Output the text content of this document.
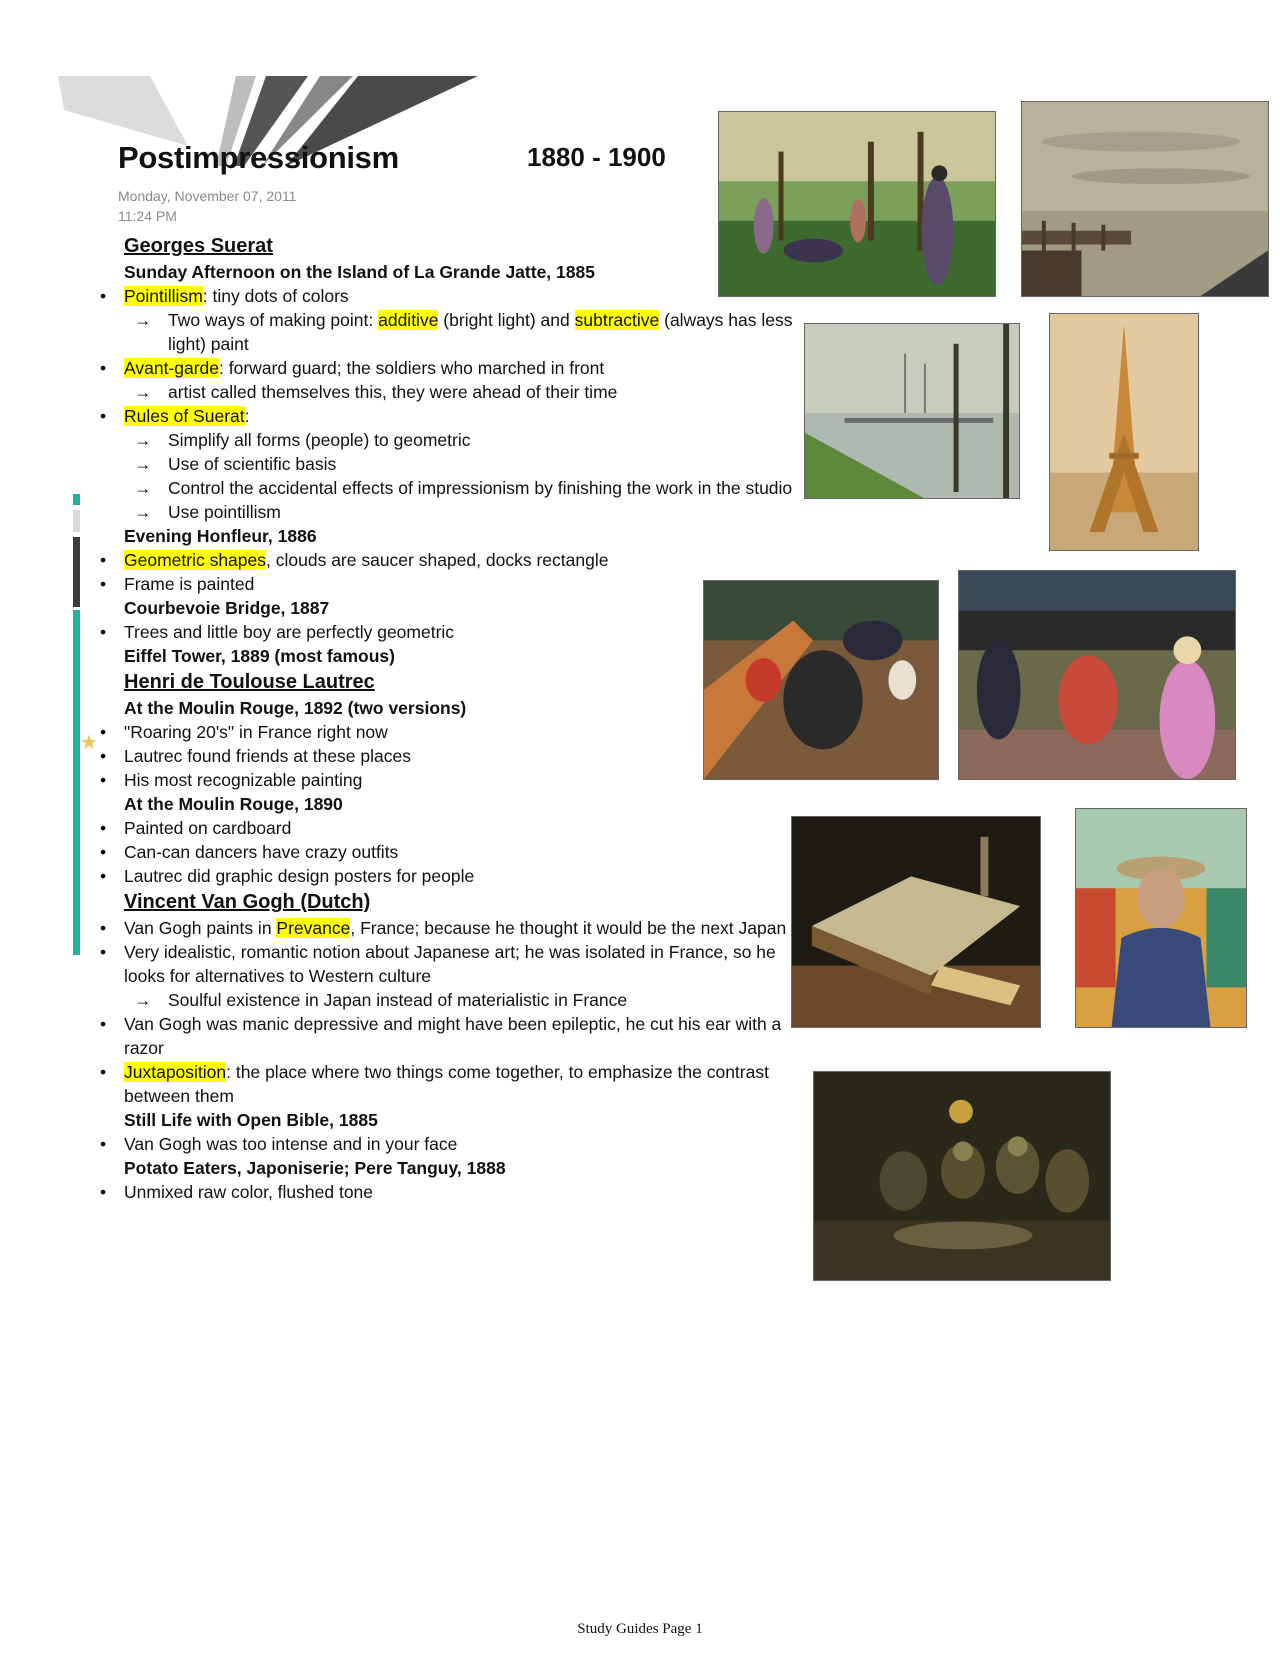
Postimpressionism	1880 - 1900
Monday, November 07, 2011
11:24 PM
★
Georges Suerat
Sunday Afternoon on the Island of La Grande Jatte, 1885
• Pointillism: tiny dots of colors
→ Two ways of making point: additive (bright light) and subtractive (always has less light) paint
• Avant-garde: forward guard; the soldiers who marched in front
→ artist called themselves this, they were ahead of their time
• Rules of Suerat:
→ Simplify all forms (people) to geometric
→ Use of scientific basis
→ Control the accidental effects of impressionism by finishing the work in the studio
→ Use pointillism
Evening Honfleur, 1886
• Geometric shapes, clouds are saucer shaped, docks rectangle
• Frame is painted
Courbevoie Bridge, 1887
• Trees and little boy are perfectly geometric
Eiffel Tower, 1889 (most famous)
Henri de Toulouse Lautrec
At the Moulin Rouge, 1892 (two versions)
• "Roaring 20's" in France right now
• Lautrec found friends at these places
• His most recognizable painting
At the Moulin Rouge, 1890
• Painted on cardboard
• Can-can dancers have crazy outfits
• Lautrec did graphic design posters for people
Vincent Van Gogh (Dutch)
• Van Gogh paints in Prevance, France; because he thought it would be the next Japan
• Very idealistic, romantic notion about Japanese art; he was isolated in France, so he looks for alternatives to Western culture
→ Soulful existence in Japan instead of materialistic in France
• Van Gogh was manic depressive and might have been epileptic, he cut his ear with a razor
• Juxtaposition: the place where two things come together, to emphasize the contrast between them
Still Life with Open Bible, 1885
• Van Gogh was too intense and in your face
Potato Eaters, Japoniserie; Pere Tanguy, 1888
• Unmixed raw color, flushed tone
Study Guides Page 1
